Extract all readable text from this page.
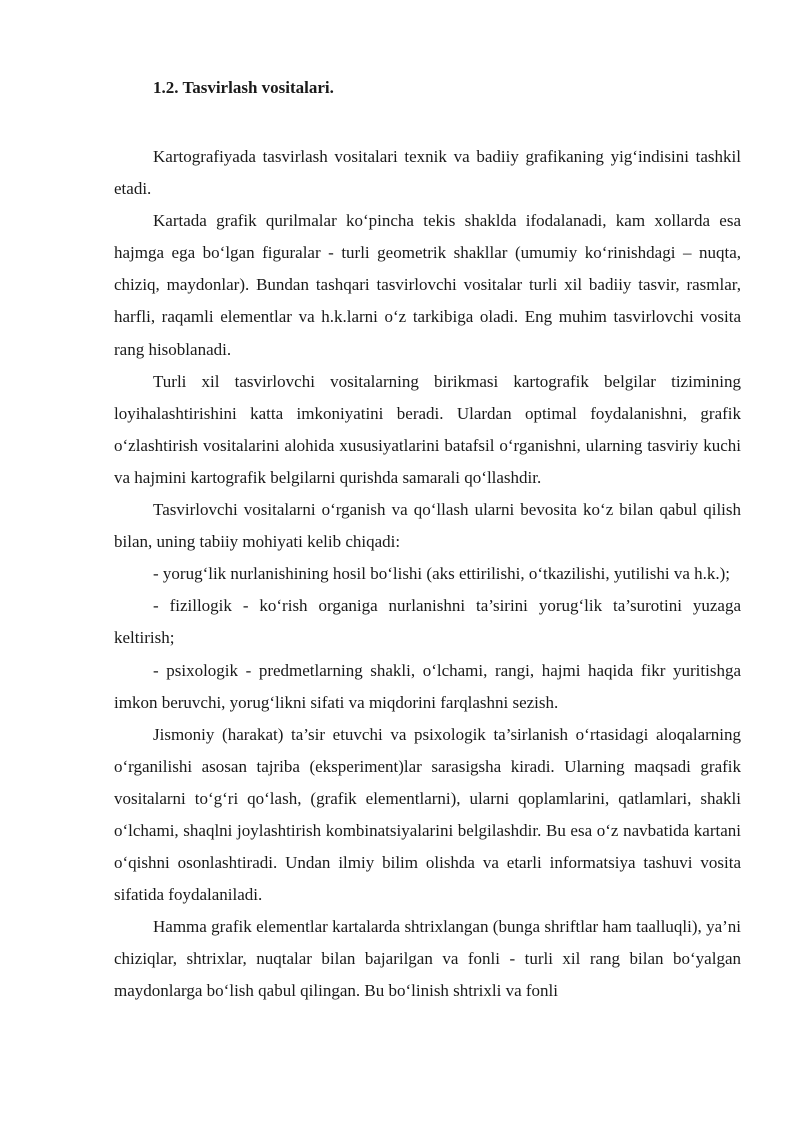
1.2. Tasvirlash vositalari.

Kartografiyada tasvirlash vositalari texnik va badiiy grafikaning yig‘indisini tashkil etadi.

Kartada grafik qurilmalar ko‘pincha tekis shaklda ifodalanadi, kam xollarda esa hajmga ega bo‘lgan figuralar - turli geometrik shakllar (umumiy ko‘rinishdagi – nuqta, chiziq, maydonlar). Bundan tashqari tasvirlovchi vositalar turli xil badiiy tasvir, rasmlar, harfli, raqamli elementlar va h.k.larni o‘z tarkibiga oladi. Eng muhim tasvirlovchi vosita rang hisoblanadi.

Turli xil tasvirlovchi vositalarning birikmasi kartografik belgilar tizimining loyihalashtirishini katta imkoniyatini beradi. Ulardan optimal foydalanishni, grafik o‘zlashtirish vositalarini alohida xususiyatlarini batafsil o‘rganishni, ularning tasviriy kuchi va hajmini kartografik belgilarni qurishda samarali qo‘llashdir.

Tasvirlovchi vositalarni o‘rganish va qo‘llash ularni bevosita ko‘z bilan qabul qilish bilan, uning tabiiy mohiyati kelib chiqadi:

- yorug‘lik nurlanishining hosil bo‘lishi (aks ettirilishi, o‘tkazilishi, yutilishi va h.k.);

- fizillogik - ko‘rish organiga nurlanishni ta’sirini yorug‘lik ta’surotini yuzaga keltirish;

- psixologik - predmetlarning shakli, o‘lchami, rangi, hajmi haqida fikr yuritishga imkon beruvchi, yorug‘likni sifati va miqdorini farqlashni sezish.

Jismoniy (harakat) ta’sir etuvchi va psixologik ta’sirlanish o‘rtasidagi aloqalarning o‘rganilishi asosan tajriba (eksperiment)lar sarasigsha kiradi. Ularning maqsadi grafik vositalarni to‘g‘ri qo‘lash, (grafik elementlarni), ularni qoplamlarini, qatlamlari, shakli o‘lchami, shaqlni joylashtirish kombinatsiyalarini belgilashdir. Bu esa o‘z navbatida kartani o‘qishni osonlashtiradi. Undan ilmiy bilim olishda va etarli informatsiya tashuvi vosita sifatida foydalaniladi.

Hamma grafik elementlar kartalarda shtrixlangan (bunga shriftlar ham taalluqli), ya’ni chiziqlar, shtrixlar, nuqtalar bilan bajarilgan va fonli - turli xil rang bilan bo‘yalgan maydonlarga bo‘lish qabul qilingan. Bu bo‘linish shtrixli va fonli
